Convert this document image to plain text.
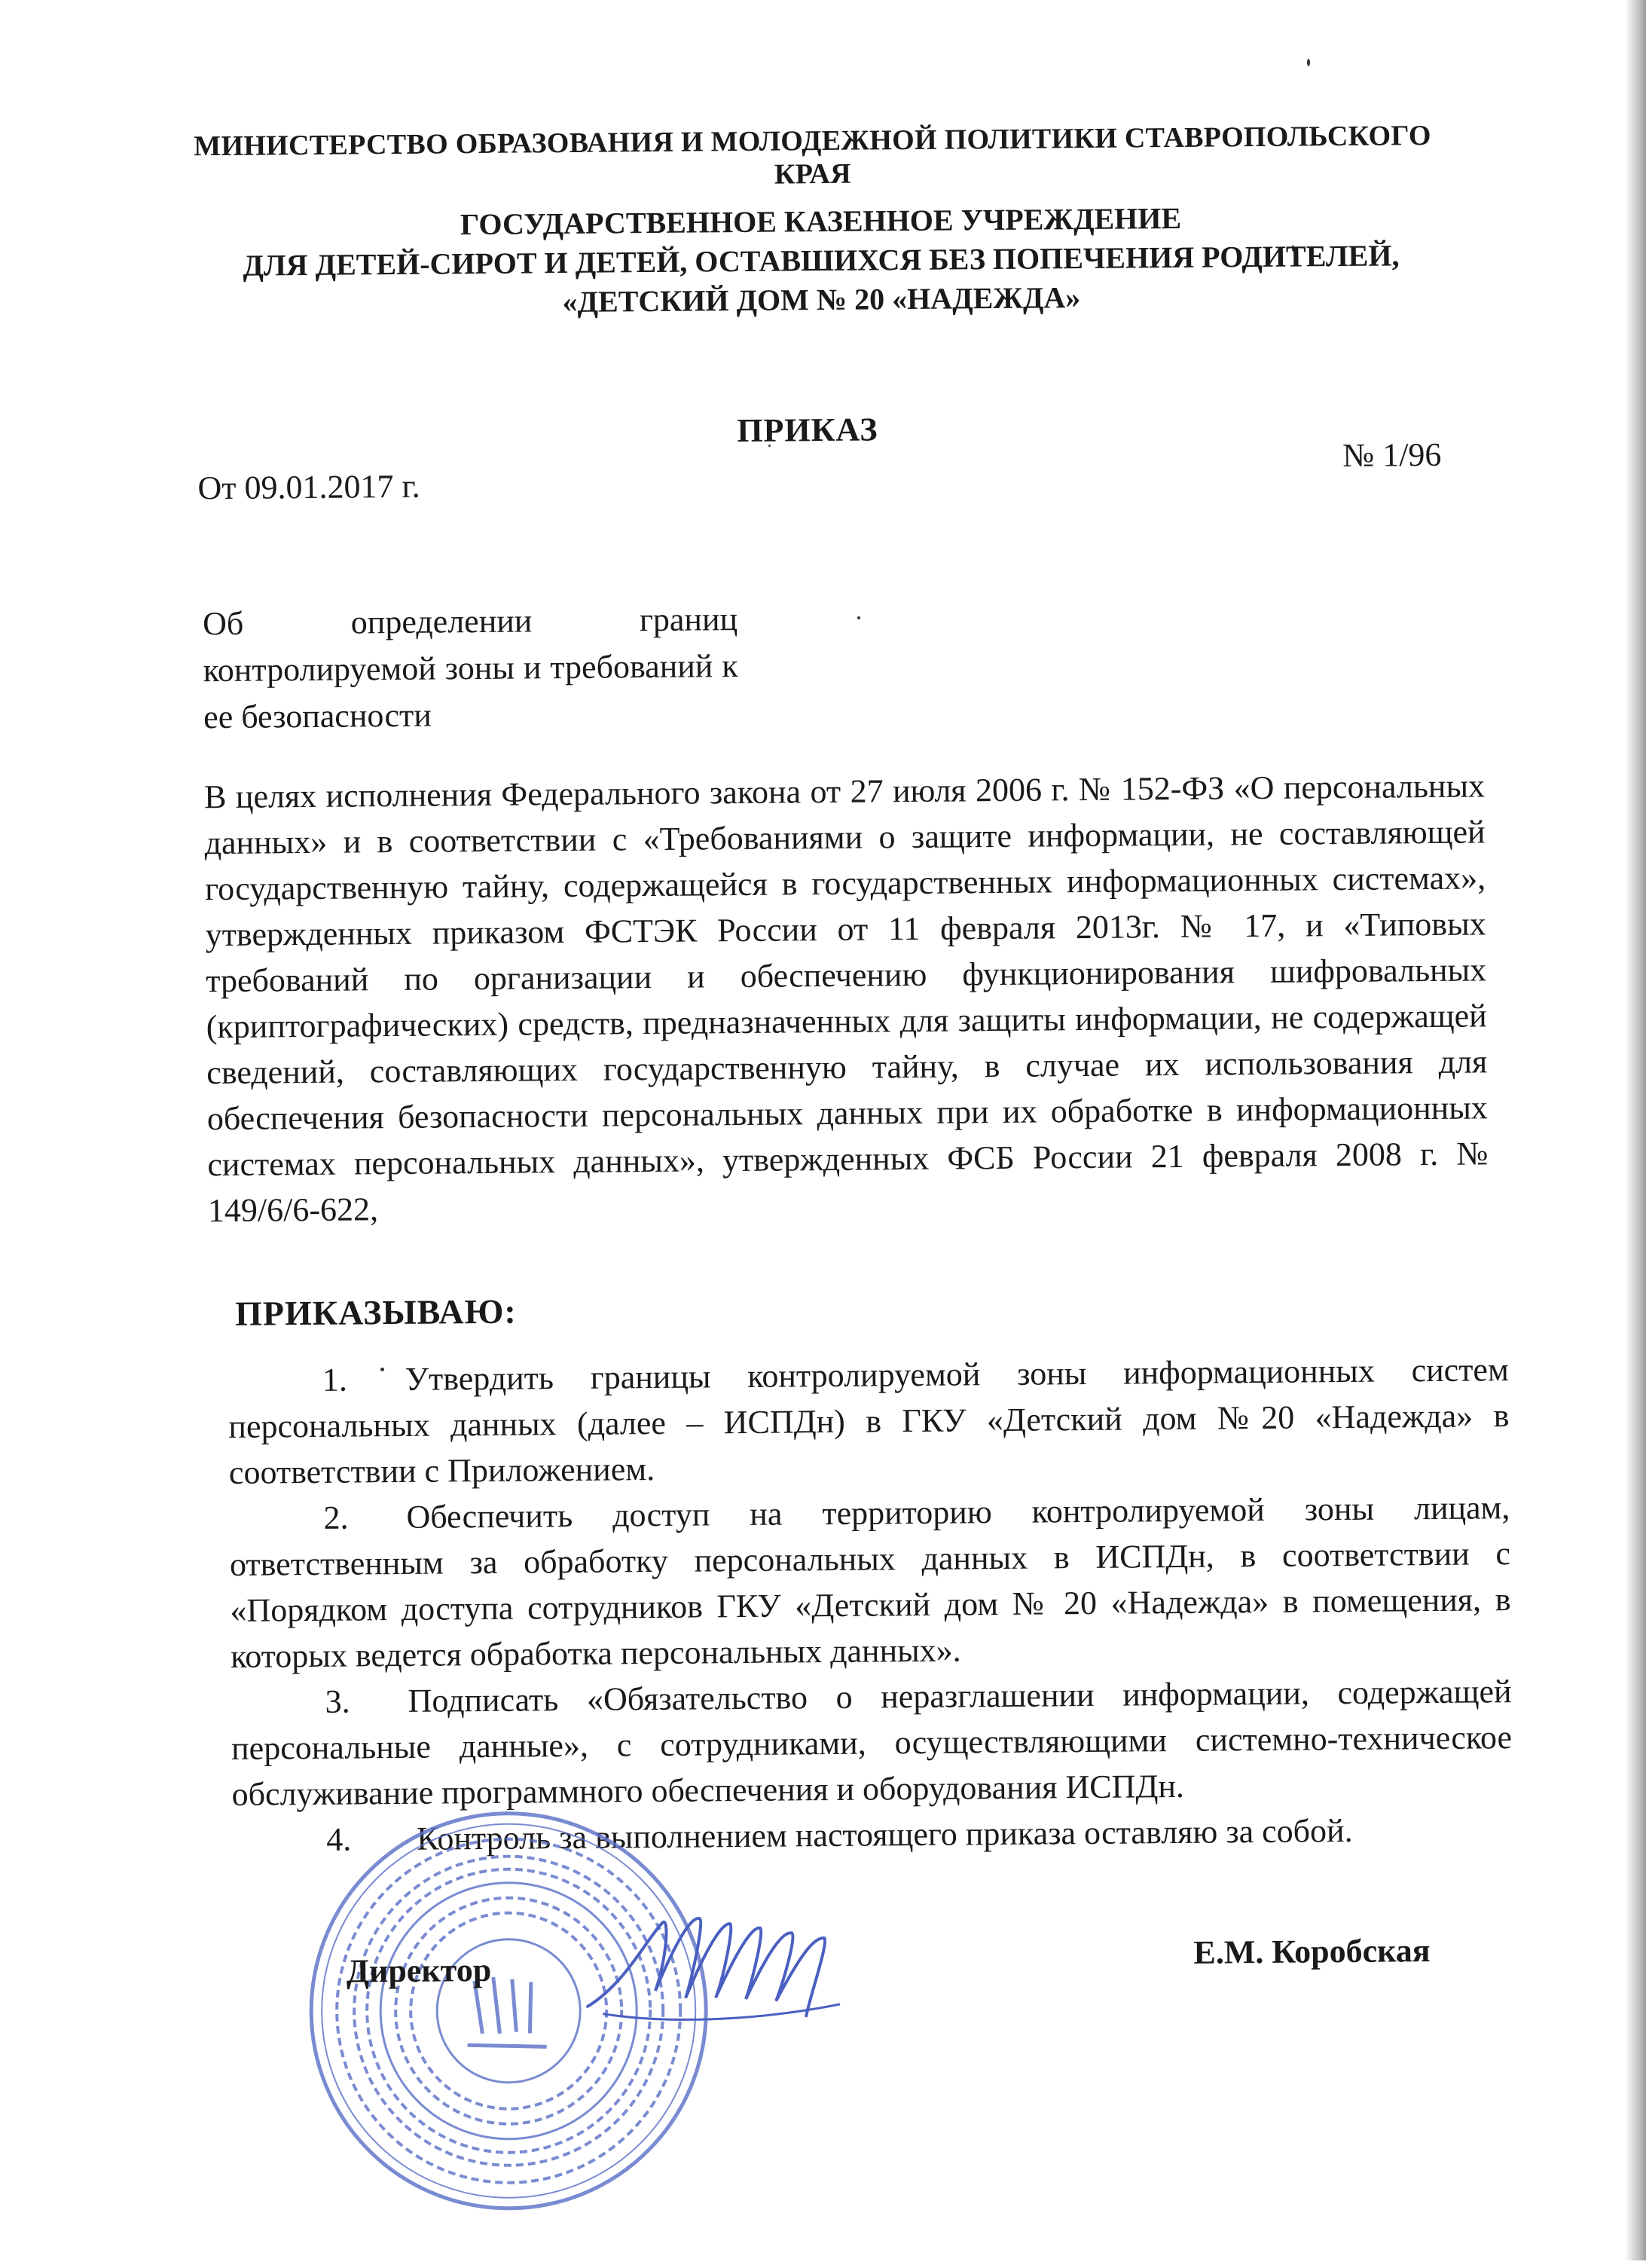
МИНИСТЕРСТВО ОБРАЗОВАНИЯ И МОЛОДЕЖНОЙ ПОЛИТИКИ СТАВРОПОЛЬСКОГО КРАЯ
ГОСУДАРСТВЕННОЕ КАЗЕННОЕ УЧРЕЖДЕНИЕ
ДЛЯ ДЕТЕЙ-СИРОТ И ДЕТЕЙ, ОСТАВШИХСЯ БЕЗ ПОПЕЧЕНИЯ РОДИТЕЛЕЙ,
«ДЕТСКИЙ ДОМ № 20 «НАДЕЖДА»
ПРИКАЗ
От 09.01.2017 г.
№ 1/96
Об определении границ контролируемой зоны и требований к ее безопасности
В целях исполнения Федерального закона от 27 июля 2006 г. № 152-ФЗ «О персональных данных» и в соответствии с «Требованиями о защите информации, не составляющей государственную тайну, содержащейся в государственных информационных системах», утвержденных приказом ФСТЭК России от 11 февраля 2013г. № 17, и «Типовых требований по организации и обеспечению функционирования шифровальных (криптографических) средств, предназначенных для защиты информации, не содержащей сведений, составляющих государственную тайну, в случае их использования для обеспечения безопасности персональных данных при их обработке в информационных системах персональных данных», утвержденных ФСБ России 21 февраля 2008 г. № 149/6/6-622,
ПРИКАЗЫВАЮ:
1. Утвердить границы контролируемой зоны информационных систем персональных данных (далее – ИСПДн) в ГКУ «Детский дом №20 «Надежда» в соответствии с Приложением.
2. Обеспечить доступ на территорию контролируемой зоны лицам, ответственным за обработку персональных данных в ИСПДн, в соответствии с «Порядком доступа сотрудников ГКУ «Детский дом № 20 «Надежда» в помещения, в которых ведется обработка персональных данных».
3. Подписать «Обязательство о неразглашении информации, содержащей персональные данные», с сотрудниками, осуществляющими системно-техническое обслуживание программного обеспечения и оборудования ИСПДн.
4. Контроль за выполнением настоящего приказа оставляю за собой.
Директор	Е.М. Коробская
